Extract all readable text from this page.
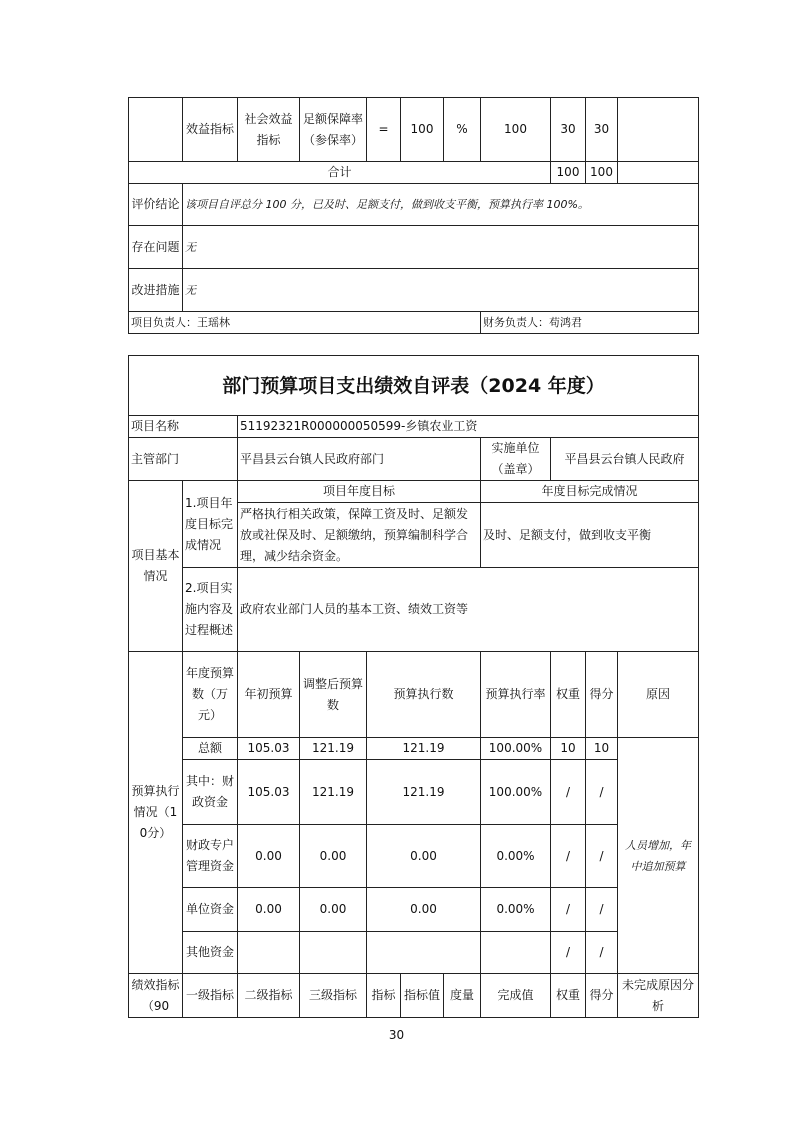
	效益指标	社会效益指标	足额保障率（参保率）	=	100	%	100	30	30	
合计								100	100	
评价结论	该项目自评总分 100 分，已及时、足额支付，做到收支平衡，预算执行率 100%。									
存在问题	无									
改进措施	无									
项目负责人：王瑶林							财务负责人：苟鸿君			
部门预算项目支出绩效自评表（2024 年度）										
项目名称		51192321R000000050599-乡镇农业工资								
主管部门		平昌县云台镇人民政府部门					实施单位（盖章）	平昌县云台镇人民政府		
项目基本情况	1.项目年度目标完成情况	项目年度目标					年度目标完成情况			
		严格执行相关政策，保障工资及时、足额发放或社保及时、足额缴纳，预算编制科学合理，减少结余资金。					及时、足额支付，做到收支平衡			
	2.项目实施内容及过程概述	政府农业部门人员的基本工资、绩效工资等								
预算执行情况（10分）	年度预算数（万元）	年初预算	调整后预算数	预算执行数			预算执行率	权重	得分	原因
	总额	105.03	121.19	121.19			100.00%	10	10	人员增加，年中追加预算
	其中：财政资金	105.03	121.19	121.19			100.00%	/	/	
	财政专户管理资金	0.00	0.00	0.00			0.00%	/	/	
	单位资金	0.00	0.00	0.00			0.00%	/	/	
	其他资金							/	/	
绩效指标（90	一级指标	二级指标	三级指标	指标	指标值	度量	完成值	权重	得分	未完成原因分析
30
